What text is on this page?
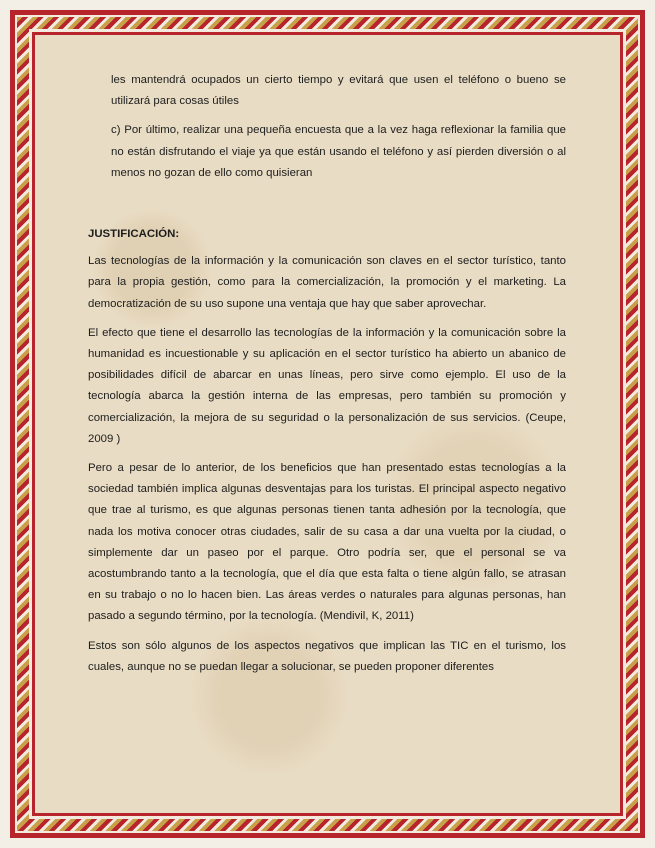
les mantendrá ocupados un cierto tiempo y evitará que usen el teléfono o bueno se utilizará para cosas útiles

c) Por último, realizar una pequeña encuesta que a la vez haga reflexionar la familia que no están disfrutando el viaje ya que están usando el teléfono y así pierden diversión o al menos no gozan de ello como quisieran

JUSTIFICACIÓN:

Las tecnologías de la información y la comunicación son claves en el sector turístico, tanto para la propia gestión, como para la comercialización, la promoción y el marketing. La democratización de su uso supone una ventaja que hay que saber aprovechar.

El efecto que tiene el desarrollo las tecnologías de la información y la comunicación sobre la humanidad es incuestionable y su aplicación en el sector turístico ha abierto un abanico de posibilidades difícil de abarcar en unas líneas, pero sirve como ejemplo. El uso de la tecnología abarca la gestión interna de las empresas, pero también su promoción y comercialización, la mejora de su seguridad o la personalización de sus servicios. (Ceupe, 2009 )

Pero a pesar de lo anterior, de los beneficios que han presentado estas tecnologías a la sociedad también implica algunas desventajas para los turistas. El principal aspecto negativo que trae al turismo, es que algunas personas tienen tanta adhesión por la tecnología, que nada los motiva conocer otras ciudades, salir de su casa a dar una vuelta por la ciudad, o simplemente dar un paseo por el parque. Otro podría ser, que el personal se va acostumbrando tanto a la tecnología, que el día que esta falta o tiene algún fallo, se atrasan en su trabajo o no lo hacen bien. Las áreas verdes o naturales para algunas personas, han pasado a segundo término, por la tecnología. (Mendivil, K, 2011)

Estos son sólo algunos de los aspectos negativos que implican las TIC en el turismo, los cuales, aunque no se puedan llegar a solucionar, se pueden proponer diferentes
